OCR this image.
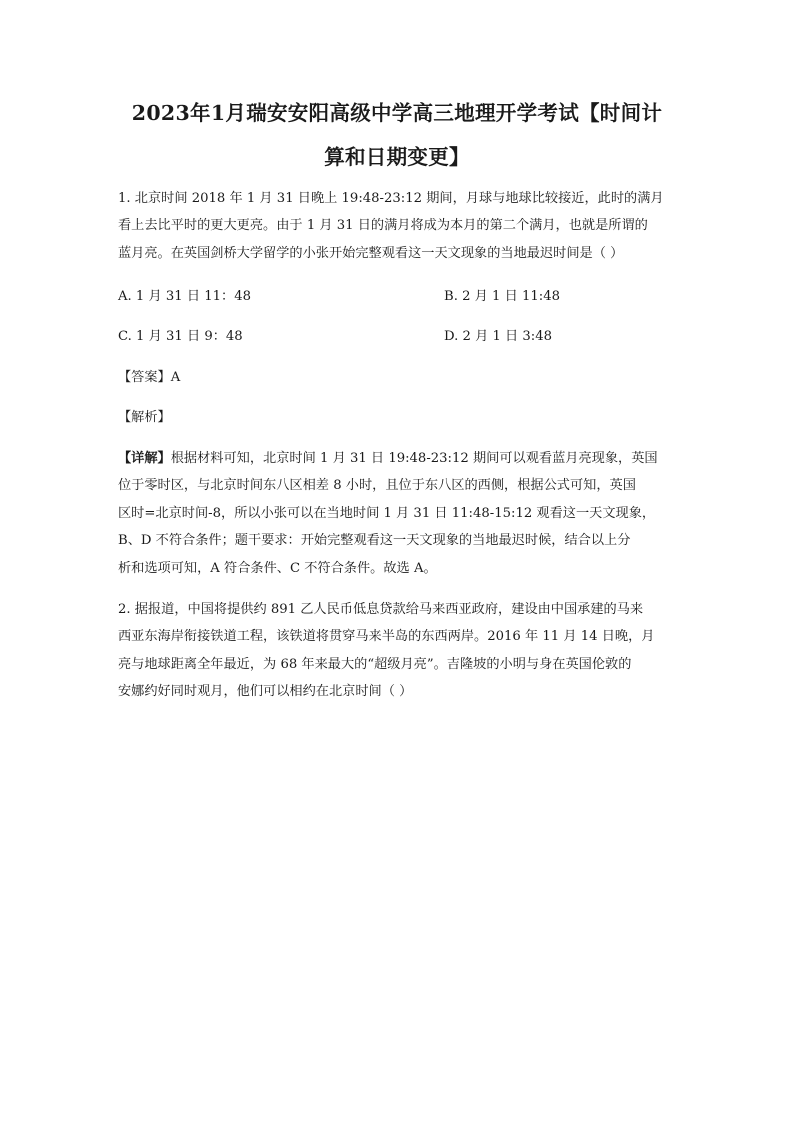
2023年1月瑞安安阳高级中学高三地理开学考试【时间计
算和日期变更】
1. 北京时间 2018 年 1 月 31 日晚上 19:48-23:12 期间，月球与地球比较接近，此时的满月
看上去比平时的更大更亮。由于 1 月 31 日的满月将成为本月的第二个满月，也就是所谓的
蓝月亮。在英国剑桥大学留学的小张开始完整观看这一天文现象的当地最迟时间是（ ）
A. 1 月 31 日 11：48	B. 2 月 1 日 11:48
C. 1 月 31 日 9：48	D. 2 月 1 日 3:48
【答案】A
【解析】
【详解】根据材料可知，北京时间 1 月 31 日 19:48-23:12 期间可以观看蓝月亮现象，英国
位于零时区，与北京时间东八区相差 8 小时，且位于东八区的西侧，根据公式可知，英国
区时=北京时间-8，所以小张可以在当地时间 1 月 31 日 11:48-15:12 观看这一天文现象，
B、D 不符合条件；题干要求：开始完整观看这一天文现象的当地最迟时候，结合以上分
析和选项可知，A 符合条件、C 不符合条件。故选 A。
2. 据报道，中国将提供约 891 乙人民币低息贷款给马来西亚政府，建设由中国承建的马来
西亚东海岸衔接铁道工程，该铁道将贯穿马来半岛的东西两岸。2016 年 11 月 14 日晚，月
亮与地球距离全年最近，为 68 年来最大的“超级月亮”。吉隆坡的小明与身在英国伦敦的
安娜约好同时观月，他们可以相约在北京时间（ ）
